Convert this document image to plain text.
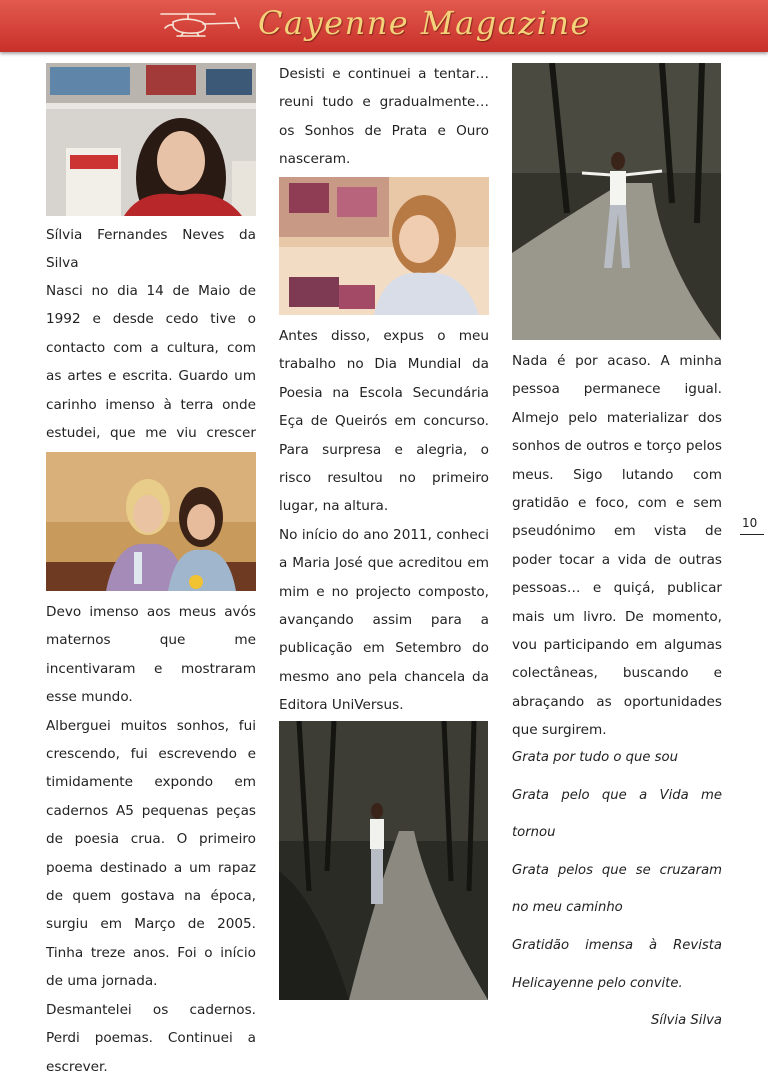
Cayenne Magazine

Sílvia Fernandes Neves da Silva

Nasci no dia 14 de Maio de 1992 e desde cedo tive o contacto com a cultura, com as artes e escrita. Guardo um carinho imenso à terra onde estudei, que me viu crescer

Devo imenso aos meus avós maternos que me incentivaram e mostraram esse mundo.

Alberguei muitos sonhos, fui crescendo, fui escrevendo e timidamente expondo em cadernos A5 pequenas peças de poesia crua. O primeiro poema destinado a um rapaz de quem gostava na época, surgiu em Março de 2005. Tinha treze anos. Foi o início de uma jornada.

Desmantelei os cadernos. Perdi poemas. Continuei a escrever.

Desisti e continuei a tentar… reuni tudo e gradualmente…os Sonhos de Prata e Ouro nasceram.

Antes disso, expus o meu trabalho no Dia Mundial da Poesia na Escola Secundária Eça de Queirós em concurso. Para surpresa e alegria, o risco resultou no primeiro lugar, na altura.

No início do ano 2011, conheci a Maria José que acreditou em mim e no projecto composto, avançando assim para a publicação em Setembro do mesmo ano pela chancela da Editora UniVersus.

Nada é por acaso. A minha pessoa permanece igual. Almejo pelo materializar dos sonhos de outros e torço pelos meus. Sigo lutando com gratidão e foco, com e sem pseudónimo em vista de poder tocar a vida de outras pessoas… e quiçá, publicar mais um livro. De momento, vou participando em algumas colectâneas, buscando e abraçando as oportunidades que surgirem.

Grata por tudo o que sou

Grata pelo que a Vida me tornou

Grata pelos que se cruzaram no meu caminho

Gratidão imensa à Revista Helicayenne pelo convite.

Sílvia Silva

10
